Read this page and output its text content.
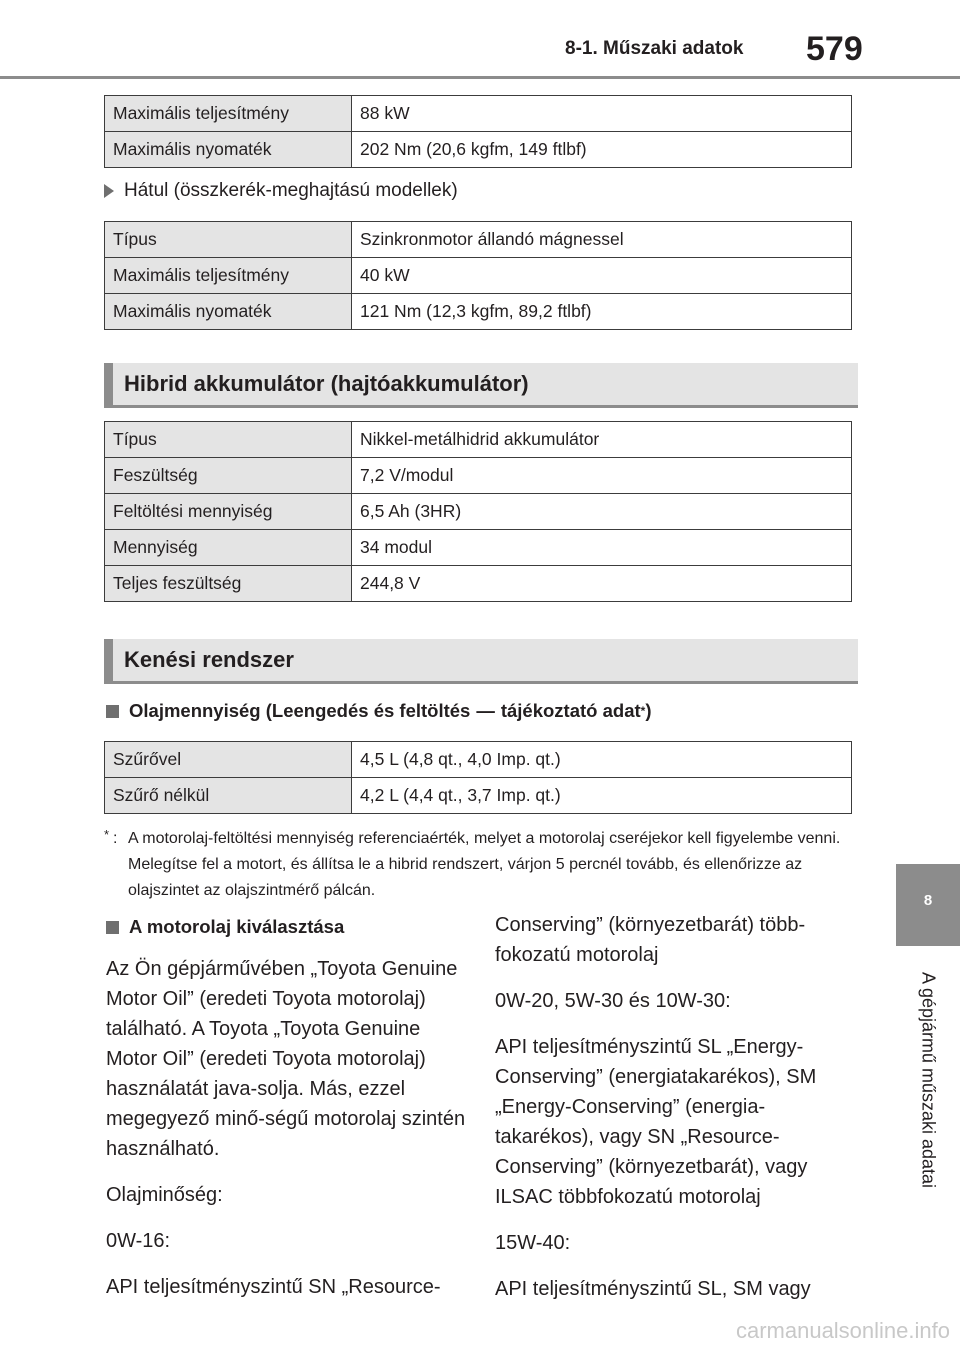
8-1. Műszaki adatok 579
Maximális teljesítmény	88 kW
Maximális nyomaték	202 Nm (20,6 kgfm, 149 ftlbf)
Hátul (összkerék-meghajtású modellek)
Típus	Szinkronmotor állandó mágnessel
Maximális teljesítmény	40 kW
Maximális nyomaték	121 Nm (12,3 kgfm, 89,2 ftlbf)
Hibrid akkumulátor (hajtóakkumulátor)
Típus	Nikkel-metálhidrid akkumulátor
Feszültség	7,2 V/modul
Feltöltési mennyiség	6,5 Ah (3HR)
Mennyiség	34 modul
Teljes feszültség	244,8 V
Kenési rendszer
Olajmennyiség (Leengedés és feltöltés — tájékoztató adat * )
Szűrővel	4,5 L (4,8 qt., 4,0 Imp. qt.)
Szűrő nélkül	4,2 L (4,4 qt., 3,7 Imp. qt.)
* : A motorolaj-feltöltési mennyiség referenciaérték, melyet a motorolaj cseréjekor kell figyelembe venni. Melegítse fel a motort, és állítsa le a hibrid rendszert, várjon 5 percnél tovább, és ellenőrizze az olajszintet az olajszintmérő pálcán.
A motorolaj kiválasztása

Az Ön gépjárművében „Toyota Genuine Motor Oil” (eredeti Toyota motorolaj) található. A Toyota „Toyota Genuine Motor Oil” (eredeti Toyota motorolaj) használatát java-solja. Más, ezzel megegyező minő-ségű motorolaj szintén használható.

Olajminőség:

0W-16:

API teljesítményszintű SN „Resource-

Conserving” (környezetbarát) több-fokozatú motorolaj

0W-20, 5W-30 és 10W-30:

API teljesítményszintű SL „Energy-Conserving” (energiatakarékos), SM „Energy-Conserving” (energia-takarékos), vagy SN „Resource-Conserving” (környezetbarát), vagy ILSAC többfokozatú motorolaj

15W-40:

API teljesítményszintű SL, SM vagy

8
A gépjármű műszaki adatai
carmanualsonline.info
